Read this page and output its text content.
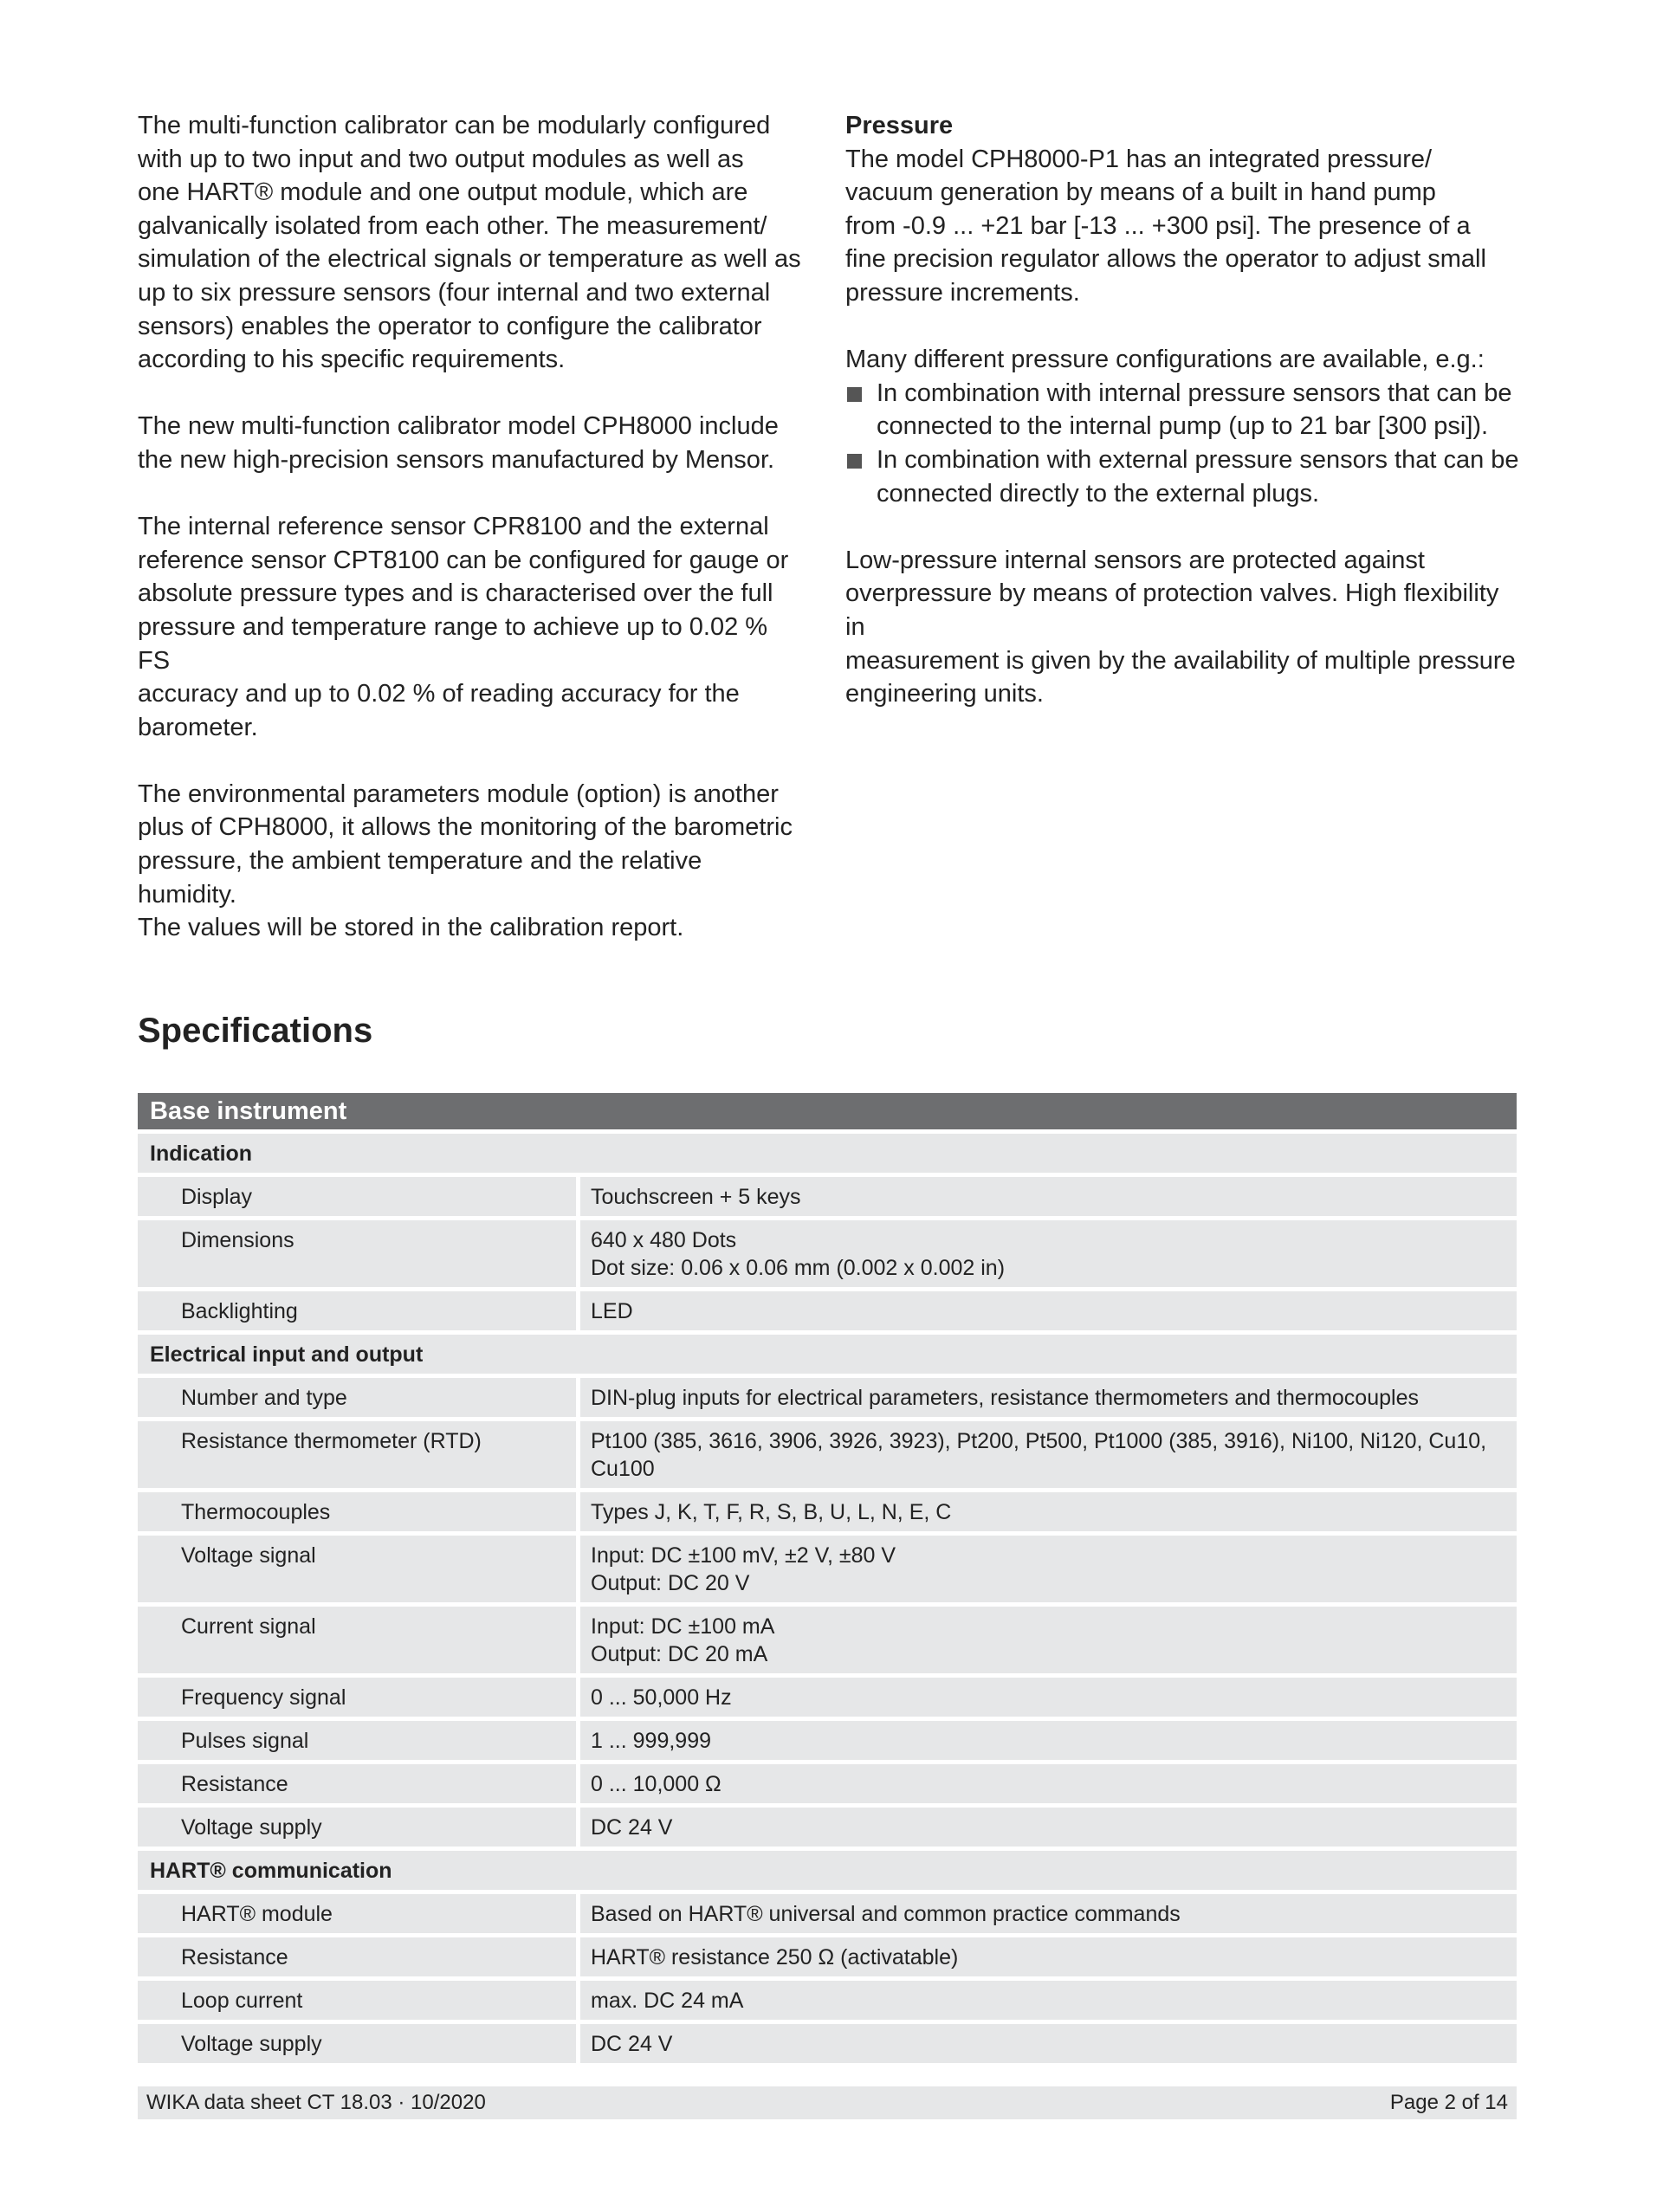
The multi-function calibrator can be modularly configured
with up to two input and two output modules as well as
one HART® module and one output module, which are
galvanically isolated from each other. The measurement/
simulation of the electrical signals or temperature as well as
up to six pressure sensors (four internal and two external
sensors) enables the operator to configure the calibrator
according to his specific requirements.

The new multi-function calibrator model CPH8000 include
the new high-precision sensors manufactured by Mensor.

The internal reference sensor CPR8100 and the external
reference sensor CPT8100 can be configured for gauge or
absolute pressure types and is characterised over the full
pressure and temperature range to achieve up to 0.02 % FS
accuracy and up to 0.02 % of reading accuracy for the
barometer.

The environmental parameters module (option) is another
plus of CPH8000, it allows the monitoring of the barometric
pressure, the ambient temperature and the relative humidity.
The values will be stored in the calibration report.

Pressure

The model CPH8000-P1 has an integrated pressure/
vacuum generation by means of a built in hand pump
from -0.9 ... +21 bar [-13 ... +300 psi]. The presence of a
fine precision regulator allows the operator to adjust small
pressure increments.

Many different pressure configurations are available, e.g.:
In combination with internal pressure sensors that can be
connected to the internal pump (up to 21 bar [300 psi]).
In combination with external pressure sensors that can be
connected directly to the external plugs.

Low-pressure internal sensors are protected against
overpressure by means of protection valves. High flexibility in
measurement is given by the availability of multiple pressure
engineering units.

Specifications
Base instrument	
Indication	
Display	Touchscreen + 5 keys
Dimensions	640 x 480 Dots
Dot size: 0.06 x 0.06 mm (0.002 x 0.002 in)
Backlighting	LED
Electrical input and output	
Number and type	DIN-plug inputs for electrical parameters, resistance thermometers and thermocouples
Resistance thermometer (RTD)	Pt100 (385, 3616, 3906, 3926, 3923), Pt200, Pt500, Pt1000 (385, 3916), Ni100, Ni120, Cu10,
Cu100
Thermocouples	Types J, K, T, F, R, S, B, U, L, N, E, C
Voltage signal	Input: DC ±100 mV, ±2 V, ±80 V
Output: DC 20 V
Current signal	Input: DC ±100 mA
Output: DC 20 mA
Frequency signal	0 ... 50,000 Hz
Pulses signal	1 ... 999,999
Resistance	0 ... 10,000 Ω
Voltage supply	DC 24 V
HART® communication	
HART® module	Based on HART® universal and common practice commands
Resistance	HART® resistance 250 Ω (activatable)
Loop current	max. DC 24 mA
Voltage supply	DC 24 V
WIKA data sheet CT 18.03 · 10/2020	Page 2 of 14
